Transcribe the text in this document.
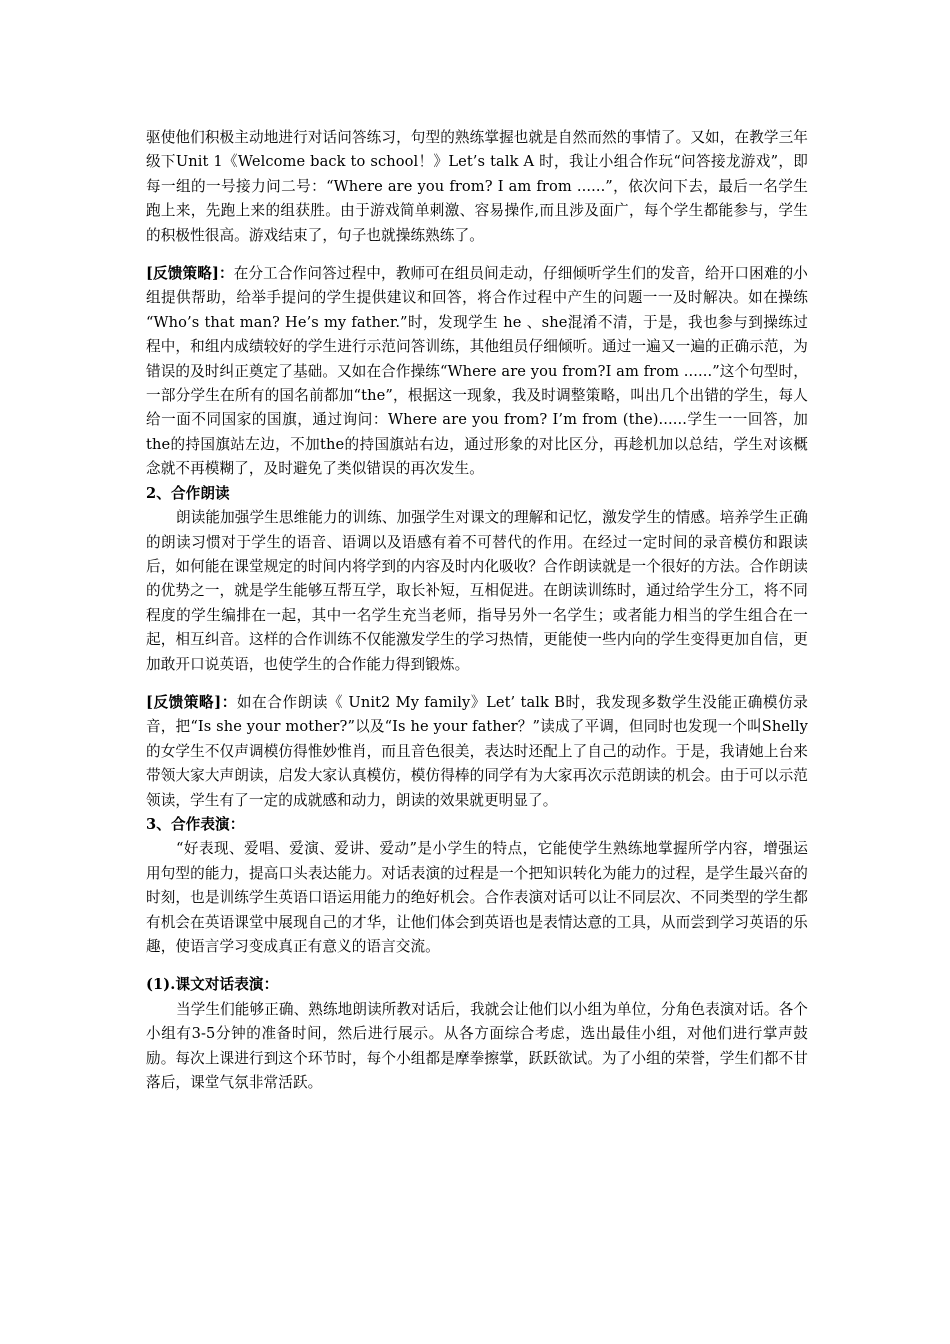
驱使他们积极主动地进行对话问答练习，句型的熟练掌握也就是自然而然的事情了。又如，在教学三年级下Unit 1《Welcome back to school！》Let’s talk A 时，我让小组合作玩“问答接龙游戏”，即每一组的一号接力问二号：“Where are you from? I am from ......”，依次问下去，最后一名学生跑上来，先跑上来的组获胜。由于游戏简单刺激、容易操作,而且涉及面广，每个学生都能参与，学生的积极性很高。游戏结束了，句子也就操练熟练了。

[反馈策略]：在分工合作问答过程中，教师可在组员间走动，仔细倾听学生们的发音，给开口困难的小组提供帮助，给举手提问的学生提供建议和回答，将合作过程中产生的问题一一及时解决。如在操练 “Who’s that man? He’s my father.”时，发现学生 he 、she混淆不清，于是，我也参与到操练过程中，和组内成绩较好的学生进行示范问答训练，其他组员仔细倾听。通过一遍又一遍的正确示范，为错误的及时纠正奠定了基础。又如在合作操练“Where are you from?I am from ......”这个句型时，一部分学生在所有的国名前都加“the”，根据这一现象，我及时调整策略，叫出几个出错的学生，每人给一面不同国家的国旗，通过询问：Where are you from? I’m from (the)......学生一一回答，加the的持国旗站左边，不加the的持国旗站右边，通过形象的对比区分，再趁机加以总结，学生对该概念就不再模糊了，及时避免了类似错误的再次发生。

2、合作朗读

朗读能加强学生思维能力的训练、加强学生对课文的理解和记忆，激发学生的情感。培养学生正确的朗读习惯对于学生的语音、语调以及语感有着不可替代的作用。在经过一定时间的录音模仿和跟读后，如何能在课堂规定的时间内将学到的内容及时内化吸收？合作朗读就是一个很好的方法。合作朗读的优势之一，就是学生能够互帮互学，取长补短，互相促进。在朗读训练时，通过给学生分工，将不同程度的学生编排在一起，其中一名学生充当老师，指导另外一名学生；或者能力相当的学生组合在一起，相互纠音。这样的合作训练不仅能激发学生的学习热情，更能使一些内向的学生变得更加自信，更加敢开口说英语，也使学生的合作能力得到锻炼。

[反馈策略]：如在合作朗读《 Unit2 My family》Let’ talk B时，我发现多数学生没能正确模仿录音，把“Is she your mother?”以及“Is he your father？”读成了平调，但同时也发现一个叫Shelly的女学生不仅声调模仿得惟妙惟肖，而且音色很美，表达时还配上了自己的动作。于是，我请她上台来带领大家大声朗读，启发大家认真模仿，模仿得棒的同学有为大家再次示范朗读的机会。由于可以示范领读，学生有了一定的成就感和动力，朗读的效果就更明显了。

3、合作表演：

“好表现、爱唱、爱演、爱讲、爱动”是小学生的特点，它能使学生熟练地掌握所学内容，增强运用句型的能力，提高口头表达能力。对话表演的过程是一个把知识转化为能力的过程，是学生最兴奋的时刻，也是训练学生英语口语运用能力的绝好机会。合作表演对话可以让不同层次、不同类型的学生都有机会在英语课堂中展现自己的才华，让他们体会到英语也是表情达意的工具，从而尝到学习英语的乐趣，使语言学习变成真正有意义的语言交流。

(1).课文对话表演：

当学生们能够正确、熟练地朗读所教对话后，我就会让他们以小组为单位，分角色表演对话。各个小组有3-5分钟的准备时间，然后进行展示。从各方面综合考虑，选出最佳小组，对他们进行掌声鼓励。每次上课进行到这个环节时，每个小组都是摩拳擦掌，跃跃欲试。为了小组的荣誉，学生们都不甘落后，课堂气氛非常活跃。
